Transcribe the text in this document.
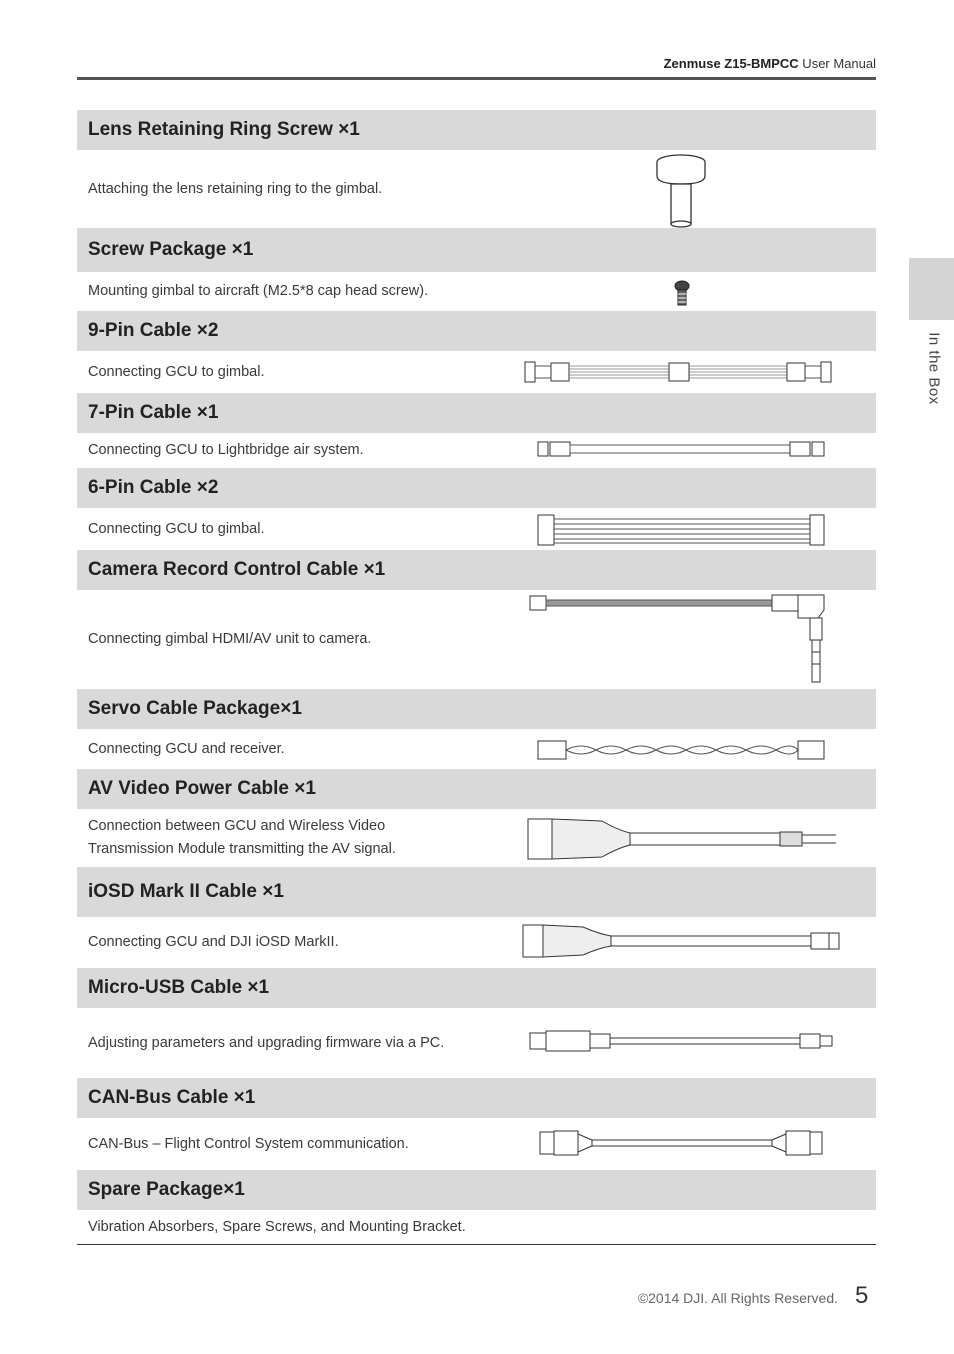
Zenmuse Z15-BMPCC User Manual
In the Box
Lens Retaining Ring Screw ×1
Attaching the lens retaining ring to the gimbal.
Screw Package ×1
Mounting gimbal to aircraft (M2.5*8 cap head screw).
9-Pin Cable ×2
Connecting GCU to gimbal.
7-Pin Cable ×1
Connecting GCU to Lightbridge air system.
6-Pin Cable ×2
Connecting GCU to gimbal.
Camera Record Control Cable ×1
Connecting gimbal HDMI/AV unit to camera.
Servo Cable Package×1
Connecting GCU and receiver.
AV Video Power Cable ×1
Connection between GCU and Wireless Video
Transmission Module transmitting the AV signal.
iOSD Mark II Cable ×1
Connecting GCU and DJI iOSD MarkII.
Micro-USB Cable ×1
Adjusting parameters and upgrading firmware via a PC.
CAN-Bus Cable ×1
CAN-Bus – Flight Control System communication.
Spare Package×1
Vibration Absorbers, Spare Screws, and Mounting Bracket.
©2014 DJI. All Rights Reserved. 5
